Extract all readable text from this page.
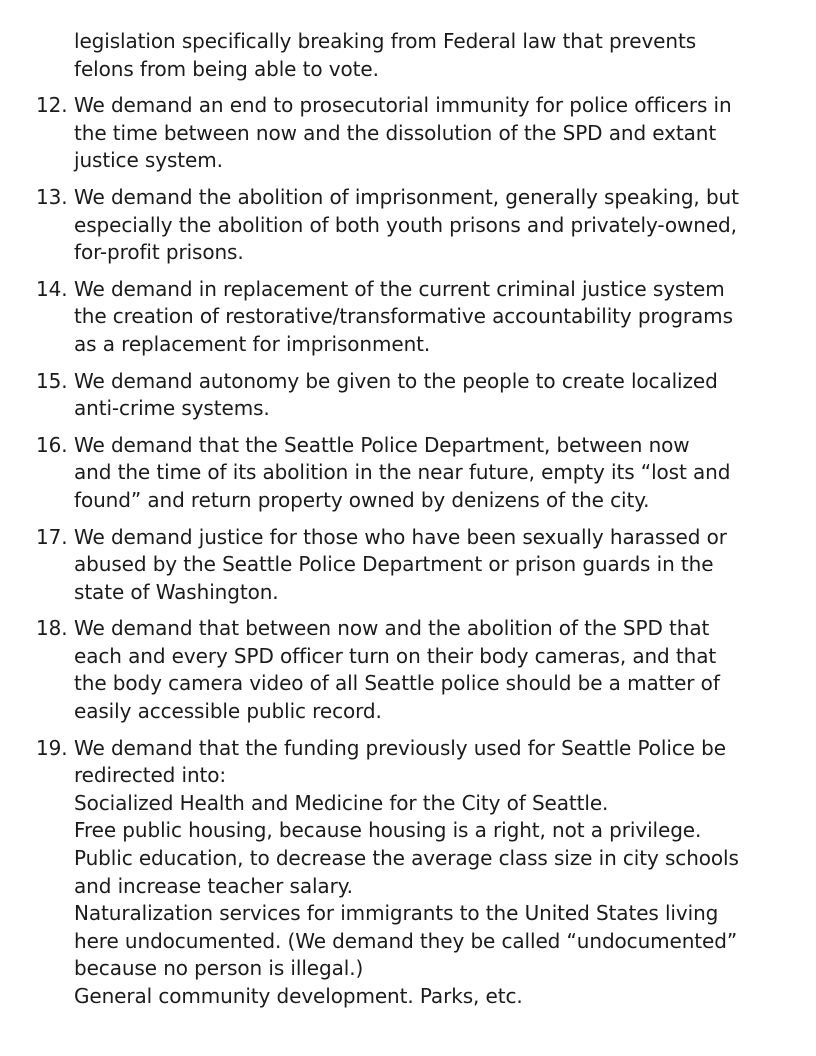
legislation specifically breaking from Federal law that prevents
felons from being able to vote.
12. We demand an end to prosecutorial immunity for police officers in
the time between now and the dissolution of the SPD and extant
justice system.
13. We demand the abolition of imprisonment, generally speaking, but
especially the abolition of both youth prisons and privately-owned,
for-profit prisons.
14. We demand in replacement of the current criminal justice system
the creation of restorative/transformative accountability programs
as a replacement for imprisonment.
15. We demand autonomy be given to the people to create localized
anti-crime systems.
16. We demand that the Seattle Police Department, between now
and the time of its abolition in the near future, empty its “lost and
found” and return property owned by denizens of the city.
17. We demand justice for those who have been sexually harassed or
abused by the Seattle Police Department or prison guards in the
state of Washington.
18. We demand that between now and the abolition of the SPD that
each and every SPD officer turn on their body cameras, and that
the body camera video of all Seattle police should be a matter of
easily accessible public record.
19. We demand that the funding previously used for Seattle Police be
redirected into:
Socialized Health and Medicine for the City of Seattle.
Free public housing, because housing is a right, not a privilege.
Public education, to decrease the average class size in city schools
and increase teacher salary.
Naturalization services for immigrants to the United States living
here undocumented. (We demand they be called “undocumented”
because no person is illegal.)
General community development. Parks, etc.
